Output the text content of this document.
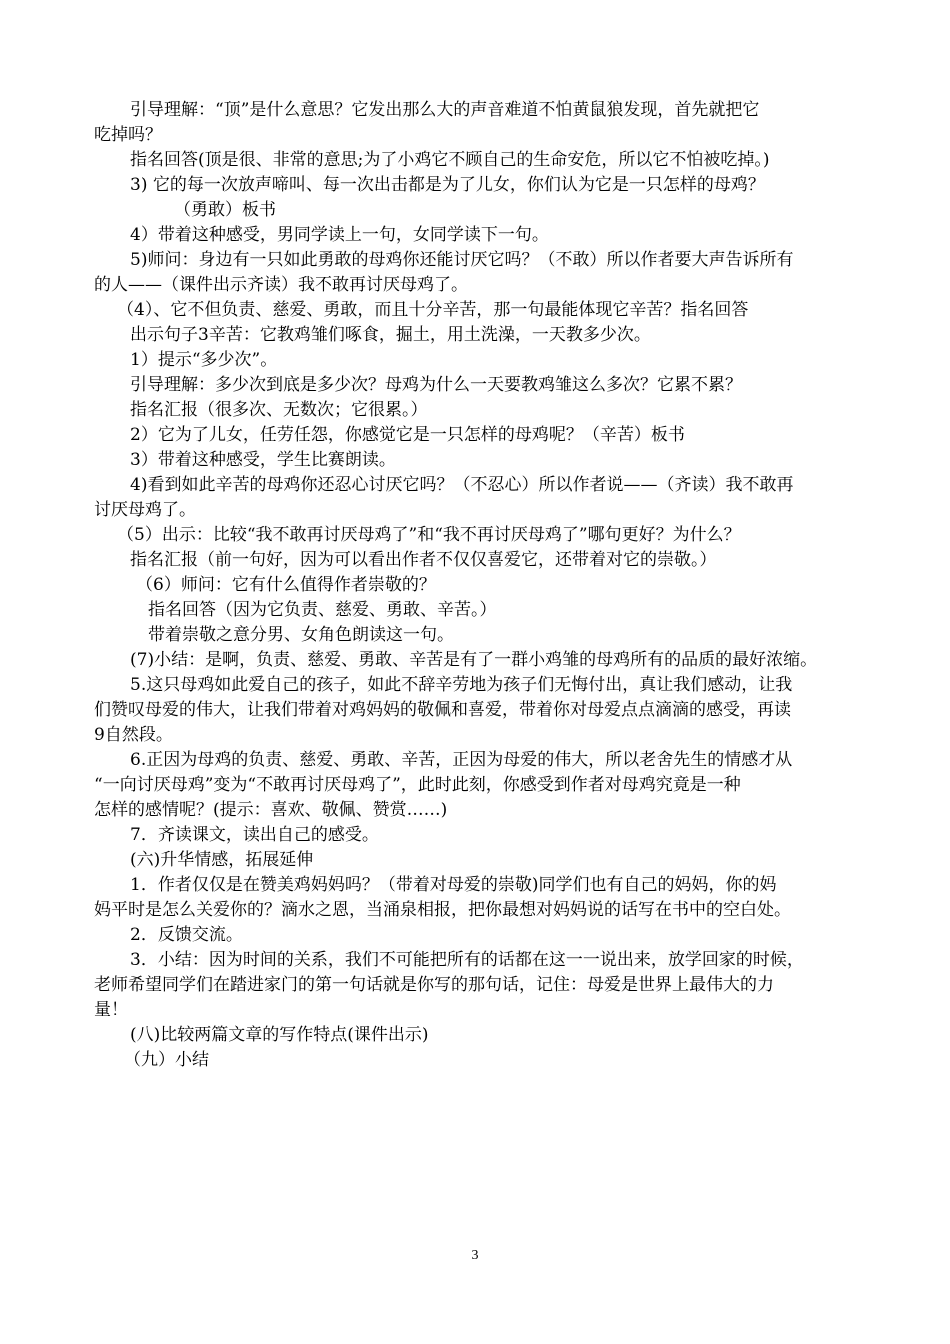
引导理解：“顶”是什么意思？它发出那么大的声音难道不怕黄鼠狼发现，首先就把它
吃掉吗？
指名回答(顶是很、非常的意思;为了小鸡它不顾自己的生命安危，所以它不怕被吃掉。)
3) 它的每一次放声啼叫、每一次出击都是为了儿女，你们认为它是一只怎样的母鸡？
（勇敢）板书
4）带着这种感受，男同学读上一句，女同学读下一句。
5)师问：身边有一只如此勇敢的母鸡你还能讨厌它吗？（不敢）所以作者要大声告诉所有
的人——（课件出示齐读）我不敢再讨厌母鸡了。
（4）、它不但负责、慈爱、勇敢，而且十分辛苦，那一句最能体现它辛苦？指名回答
出示句子3辛苦：它教鸡雏们啄食，掘土，用土洗澡，一天教多少次。
1）提示“多少次”。
引导理解：多少次到底是多少次？母鸡为什么一天要教鸡雏这么多次？它累不累？
指名汇报（很多次、无数次；它很累。）
2）它为了儿女，任劳任怨，你感觉它是一只怎样的母鸡呢？（辛苦）板书
3）带着这种感受，学生比赛朗读。
4)看到如此辛苦的母鸡你还忍心讨厌它吗？（不忍心）所以作者说——（齐读）我不敢再
讨厌母鸡了。
（5）出示：比较“我不敢再讨厌母鸡了”和“我不再讨厌母鸡了”哪句更好？为什么？
指名汇报（前一句好，因为可以看出作者不仅仅喜爱它，还带着对它的崇敬。）
（6）师问：它有什么值得作者崇敬的？
指名回答（因为它负责、慈爱、勇敢、辛苦。）
带着崇敬之意分男、女角色朗读这一句。
(7)小结：是啊，负责、慈爱、勇敢、辛苦是有了一群小鸡雏的母鸡所有的品质的最好浓缩。
5.这只母鸡如此爱自己的孩子，如此不辞辛劳地为孩子们无悔付出，真让我们感动，让我
们赞叹母爱的伟大，让我们带着对鸡妈妈的敬佩和喜爱，带着你对母爱点点滴滴的感受，再读
9自然段。
6.正因为母鸡的负责、慈爱、勇敢、辛苦，正因为母爱的伟大，所以老舍先生的情感才从
“一向讨厌母鸡”变为“不敢再讨厌母鸡了”，此时此刻，你感受到作者对母鸡究竟是一种
怎样的感情呢？(提示：喜欢、敬佩、赞赏……)
7．齐读课文，读出自己的感受。
(六)升华情感，拓展延伸
1．作者仅仅是在赞美鸡妈妈吗？（带着对母爱的崇敬)同学们也有自己的妈妈，你的妈
妈平时是怎么关爱你的？滴水之恩，当涌泉相报，把你最想对妈妈说的话写在书中的空白处。
2．反馈交流。
3．小结：因为时间的关系，我们不可能把所有的话都在这一一说出来，放学回家的时候，
老师希望同学们在踏进家门的第一句话就是你写的那句话，记住：母爱是世界上最伟大的力
量！
(八)比较两篇文章的写作特点(课件出示)
（九）小结
3
